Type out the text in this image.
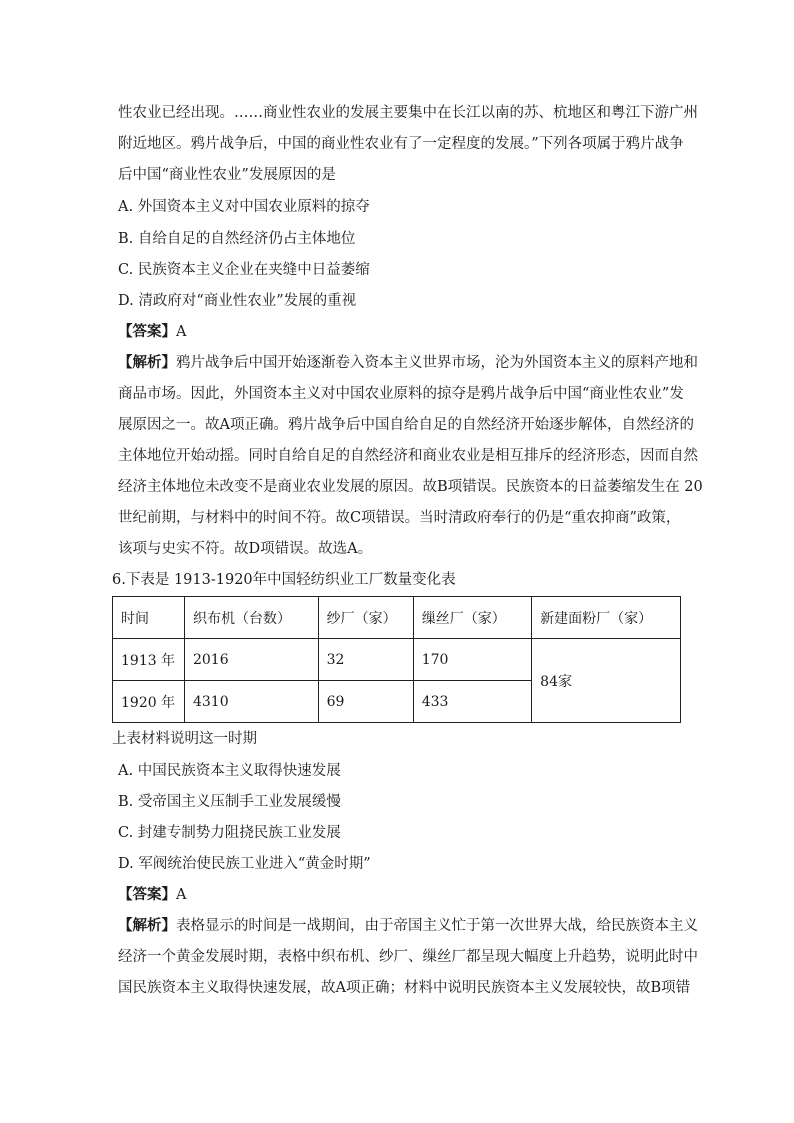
性农业已经出现。……商业性农业的发展主要集中在长江以南的苏、杭地区和粤江下游广州
附近地区。鸦片战争后，中国的商业性农业有了一定程度的发展。”下列各项属于鸦片战争
后中国“商业性农业”发展原因的是
A. 外国资本主义对中国农业原料的掠夺
B. 自给自足的自然经济仍占主体地位
C. 民族资本主义企业在夹缝中日益萎缩
D. 清政府对“商业性农业”发展的重视
【答案】A
【解析】鸦片战争后中国开始逐渐卷入资本主义世界市场，沦为外国资本主义的原料产地和
商品市场。因此，外国资本主义对中国农业原料的掠夺是鸦片战争后中国“商业性农业”发
展原因之一。故A项正确。鸦片战争后中国自给自足的自然经济开始逐步解体，自然经济的
主体地位开始动摇。同时自给自足的自然经济和商业农业是相互排斥的经济形态，因而自然
经济主体地位未改变不是商业农业发展的原因。故B项错误。民族资本的日益萎缩发生在 20
世纪前期，与材料中的时间不符。故C项错误。当时清政府奉行的仍是“重农抑商”政策，
该项与史实不符。故D项错误。故选A。
6.下表是 1913-1920年中国轻纺织业工厂数量变化表
时间	织布机（台数）	纱厂（家）	缫丝厂（家）	新建面粉厂（家）
1913 年	2016	32	170	84家
1920 年	4310	69	433	
上表材料说明这一时期
A. 中国民族资本主义取得快速发展
B. 受帝国主义压制手工业发展缓慢
C. 封建专制势力阻挠民族工业发展
D. 军阀统治使民族工业进入“黄金时期”
【答案】A
【解析】表格显示的时间是一战期间，由于帝国主义忙于第一次世界大战，给民族资本主义
经济一个黄金发展时期，表格中织布机、纱厂、缫丝厂都呈现大幅度上升趋势，说明此时中
国民族资本主义取得快速发展，故A项正确；材料中说明民族资本主义发展较快，故B项错
